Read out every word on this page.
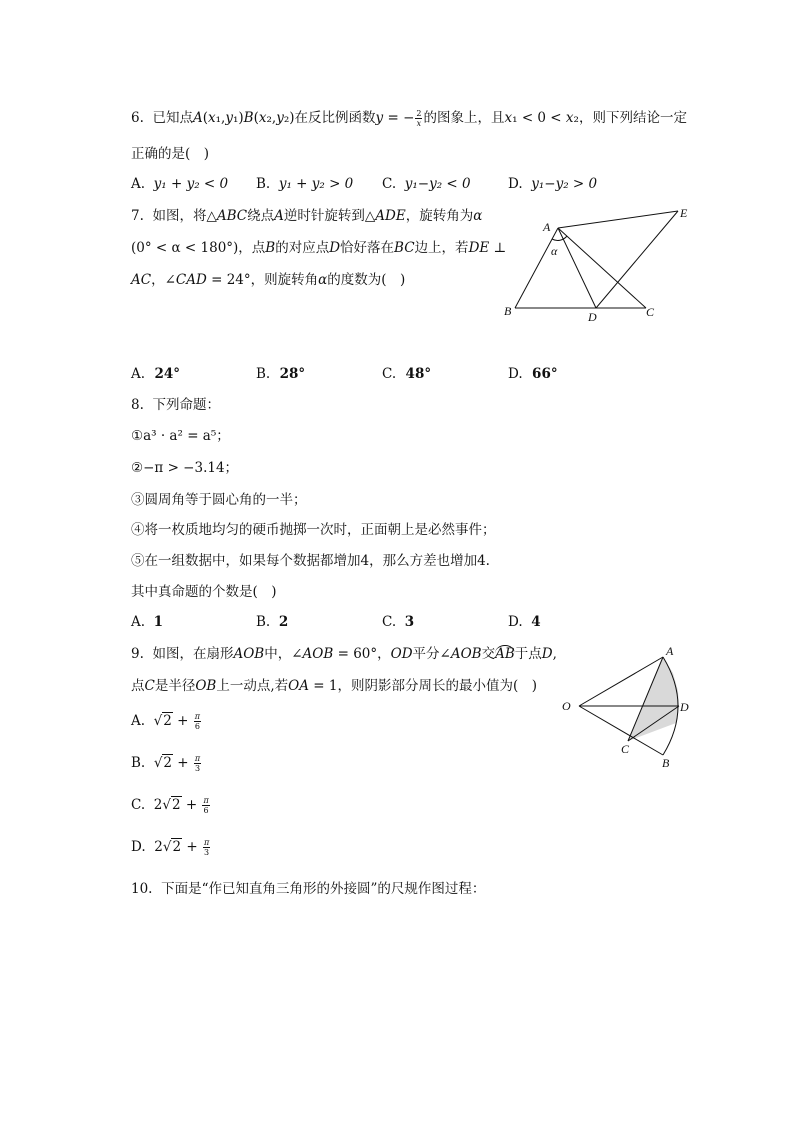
6. 已知点A(x₁,y₁)B(x₂,y₂)在反比例函数y = − $\frac{2}{x}$ 的图象上，且x₁ < 0 < x₂，则下列结论一定
正确的是(　)
A. y₁ + y₂ < 0 B. y₁ + y₂ > 0 C. y₁−y₂ < 0	D. y₁−y₂ > 0
7. 如图，将△ABC绕点A逆时针旋转到△ADE，旋转角为α
(0° < α < 180°)，点B的对应点D恰好落在BC边上，若DE ⊥
AC，∠CAD = 24°，则旋转角α的度数为(　)
A
B	C
D
E
α
A. 24°	B. 28°	C. 48°	D. 66°
8. 下列命题：
①a³ · a² = a⁵；
②−π > −3.14；
③圆周角等于圆心角的一半；
④将一枚质地均匀的硬币抛掷一次时，正面朝上是必然事件；
⑤在一组数据中，如果每个数据都增加4，那么方差也增加4.
其中真命题的个数是(　)
A. 1	B. 2	C. 3	D. 4
9. 如图，在扇形AOB中，∠AOB = 60°，OD平分∠AOB交AB于点D,
点C是半径OB上一动点,若OA = 1，则阴影部分周长的最小值为(　)
A. $√2 + \frac{\pi}{6}$
B. $√2 + \frac{\pi}{3}$
C. $2√2 + \frac{\pi}{6}$
D. $2√2 + \frac{\pi}{3}$
O
A
D
C
B
10. 下面是“作已知直角三角形的外接圆”的尺规作图过程：
